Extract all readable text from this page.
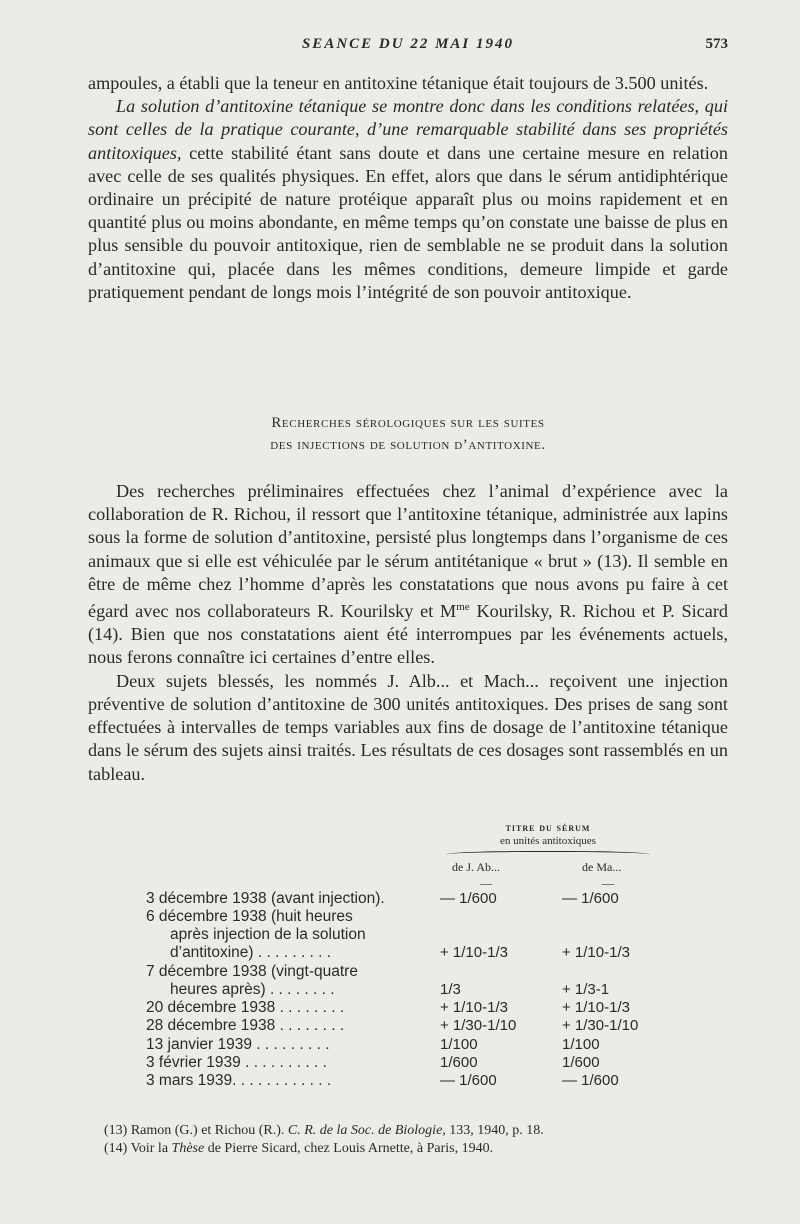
SEANCE DU 22 MAI 1940	573

ampoules, a établi que la teneur en antitoxine tétanique était toujours de 3.500 unités.

La solution d’antitoxine tétanique se montre donc dans les conditions relatées, qui sont celles de la pratique courante, d’une remarquable stabilité dans ses propriétés antitoxiques, cette stabilité étant sans doute et dans une certaine mesure en relation avec celle de ses qualités physiques. En effet, alors que dans le sérum antidiphtérique ordinaire un précipité de nature protéique apparaît plus ou moins rapidement et en quantité plus ou moins abondante, en même temps qu’on constate une baisse de plus en plus sensible du pouvoir antitoxique, rien de semblable ne se produit dans la solution d’antitoxine qui, placée dans les mêmes conditions, demeure limpide et garde pratiquement pendant de longs mois l’intégrité de son pouvoir antitoxique.

Recherches sérologiques sur les suites
des injections de solution d’antitoxine.

Des recherches préliminaires effectuées chez l’animal d’expérience avec la collaboration de R. Richou, il ressort que l’antitoxine tétanique, administrée aux lapins sous la forme de solution d’antitoxine, persisté plus longtemps dans l’organisme de ces animaux que si elle est véhiculée par le sérum antitétanique « brut » (13). Il semble en être de même chez l’homme d’après les constatations que nous avons pu faire à cet égard avec nos collaborateurs R. Kourilsky et $M^{me}$ Kourilsky, R. Richou et P. Sicard (14). Bien que nos constatations aient été interrompues par les événements actuels, nous ferons connaître ici certaines d’entre elles.

Deux sujets blessés, les nommés J. Alb... et Mach... reçoivent une injection préventive de solution d’antitoxine de 300 unités antitoxiques. Des prises de sang sont effectuées à intervalles de temps variables aux fins de dosage de l’antitoxine tétanique dans le sérum des sujets ainsi traités. Les résultats de ces dosages sont rassemblés en un tableau.

titre du sérum
en unités antitoxiques
de J. Ab...	de Ma...
—	—
3 décembre 1938 (avant injection).	— 1/600	— 1/600
6 décembre 1938 (huit heures
après injection de la solution
d’antitoxine) . . . . . . . . .	+ 1/10-1/3	+ 1/10-1/3
7 décembre 1938 (vingt-quatre
heures après) . . . . . . . .	1/3	+ 1/3-1
20 décembre 1938 . . . . . . . .	+ 1/10-1/3	+ 1/10-1/3
28 décembre 1938 . . . . . . . .	+ 1/30-1/10	+ 1/30-1/10
13 janvier 1939 . . . . . . . . .	1/100	1/100
3 février 1939 . . . . . . . . . .	1/600	1/600
3 mars 1939. . . . . . . . . . . .	— 1/600	— 1/600
(13) Ramon (G.) et Richou (R.). C. R. de la Soc. de Biologie, 133, 1940, p. 18.
(14) Voir la Thèse de Pierre Sicard, chez Louis Arnette, à Paris, 1940.
